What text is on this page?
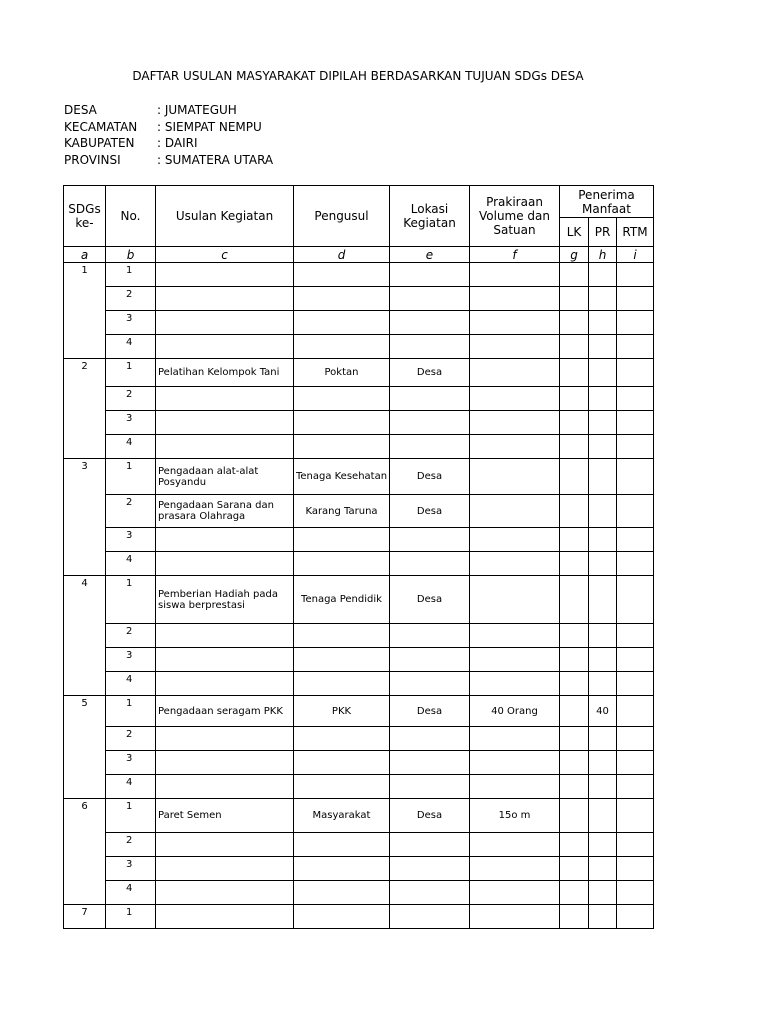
DAFTAR USULAN MASYARAKAT DIPILAH BERDASARKAN TUJUAN SDGs DESA
DESA	: JUMATEGUH
KECAMATAN	: SIEMPAT NEMPU
KABUPATEN	: DAIRI
PROVINSI	: SUMATERA UTARA
SDGs ke-	No.	Usulan Kegiatan	Pengusul	Lokasi Kegiatan	Prakiraan Volume dan Satuan	Penerima Manfaat		
						LK	PR	RTM
a	b	c	d	e	f	g	h	i
1	1							
	2							
	3							
	4							
2	1	Pelatihan Kelompok Tani	Poktan	Desa				
	2							
	3							
	4							
3	1	Pengadaan alat-alat Posyandu	Tenaga Kesehatan	Desa				
	2	Pengadaan Sarana dan prasara Olahraga	Karang Taruna	Desa				
	3							
	4							
4	1	Pemberian Hadiah pada siswa berprestasi	Tenaga Pendidik	Desa				
	2							
	3							
	4							
5	1	Pengadaan seragam PKK	PKK	Desa	40 Orang		40	
	2							
	3							
	4							
6	1	Paret Semen	Masyarakat	Desa	15o m			
	2							
	3							
	4							
7	1							
